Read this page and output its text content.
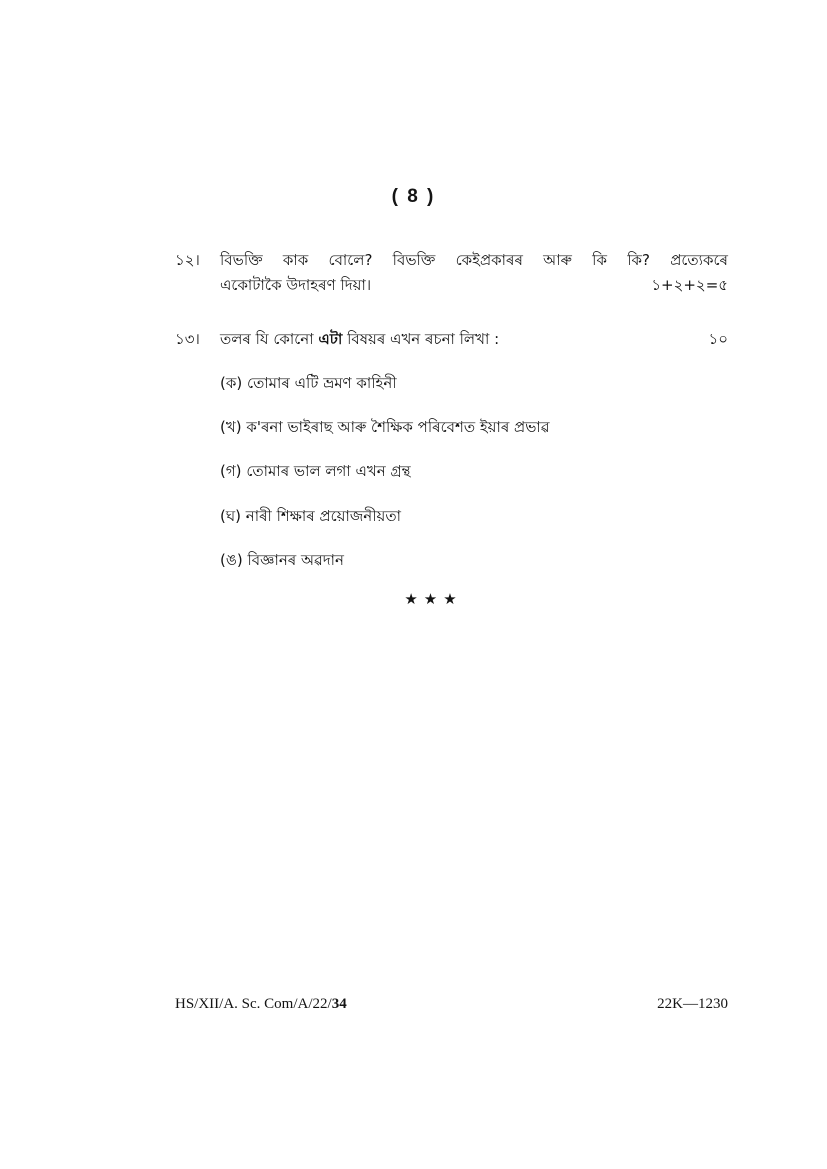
( 8 )
১২। বিভক্তি কাক বোলে? বিভক্তি কেইপ্ৰকাৰৰ আৰু কি কি? প্ৰত্যেকৰে
একোটাকৈ উদাহৰণ দিয়া।	১+২+২=৫
১৩। তলৰ যি কোনো এটা বিষয়ৰ এখন ৰচনা লিখা :	১০
(ক) তোমাৰ এটি ভ্ৰমণ কাহিনী
(খ) ক'ৰনা ভাইৰাছ আৰু শৈক্ষিক পৰিবেশত ইয়াৰ প্ৰভাৱ
(গ) তোমাৰ ভাল লগা এখন গ্ৰন্থ
(ঘ) নাৰী শিক্ষাৰ প্ৰয়োজনীয়তা
(ঙ) বিজ্ঞানৰ অৱদান
★★★
HS/XII/A. Sc. Com/A/22/34	22K—1230
